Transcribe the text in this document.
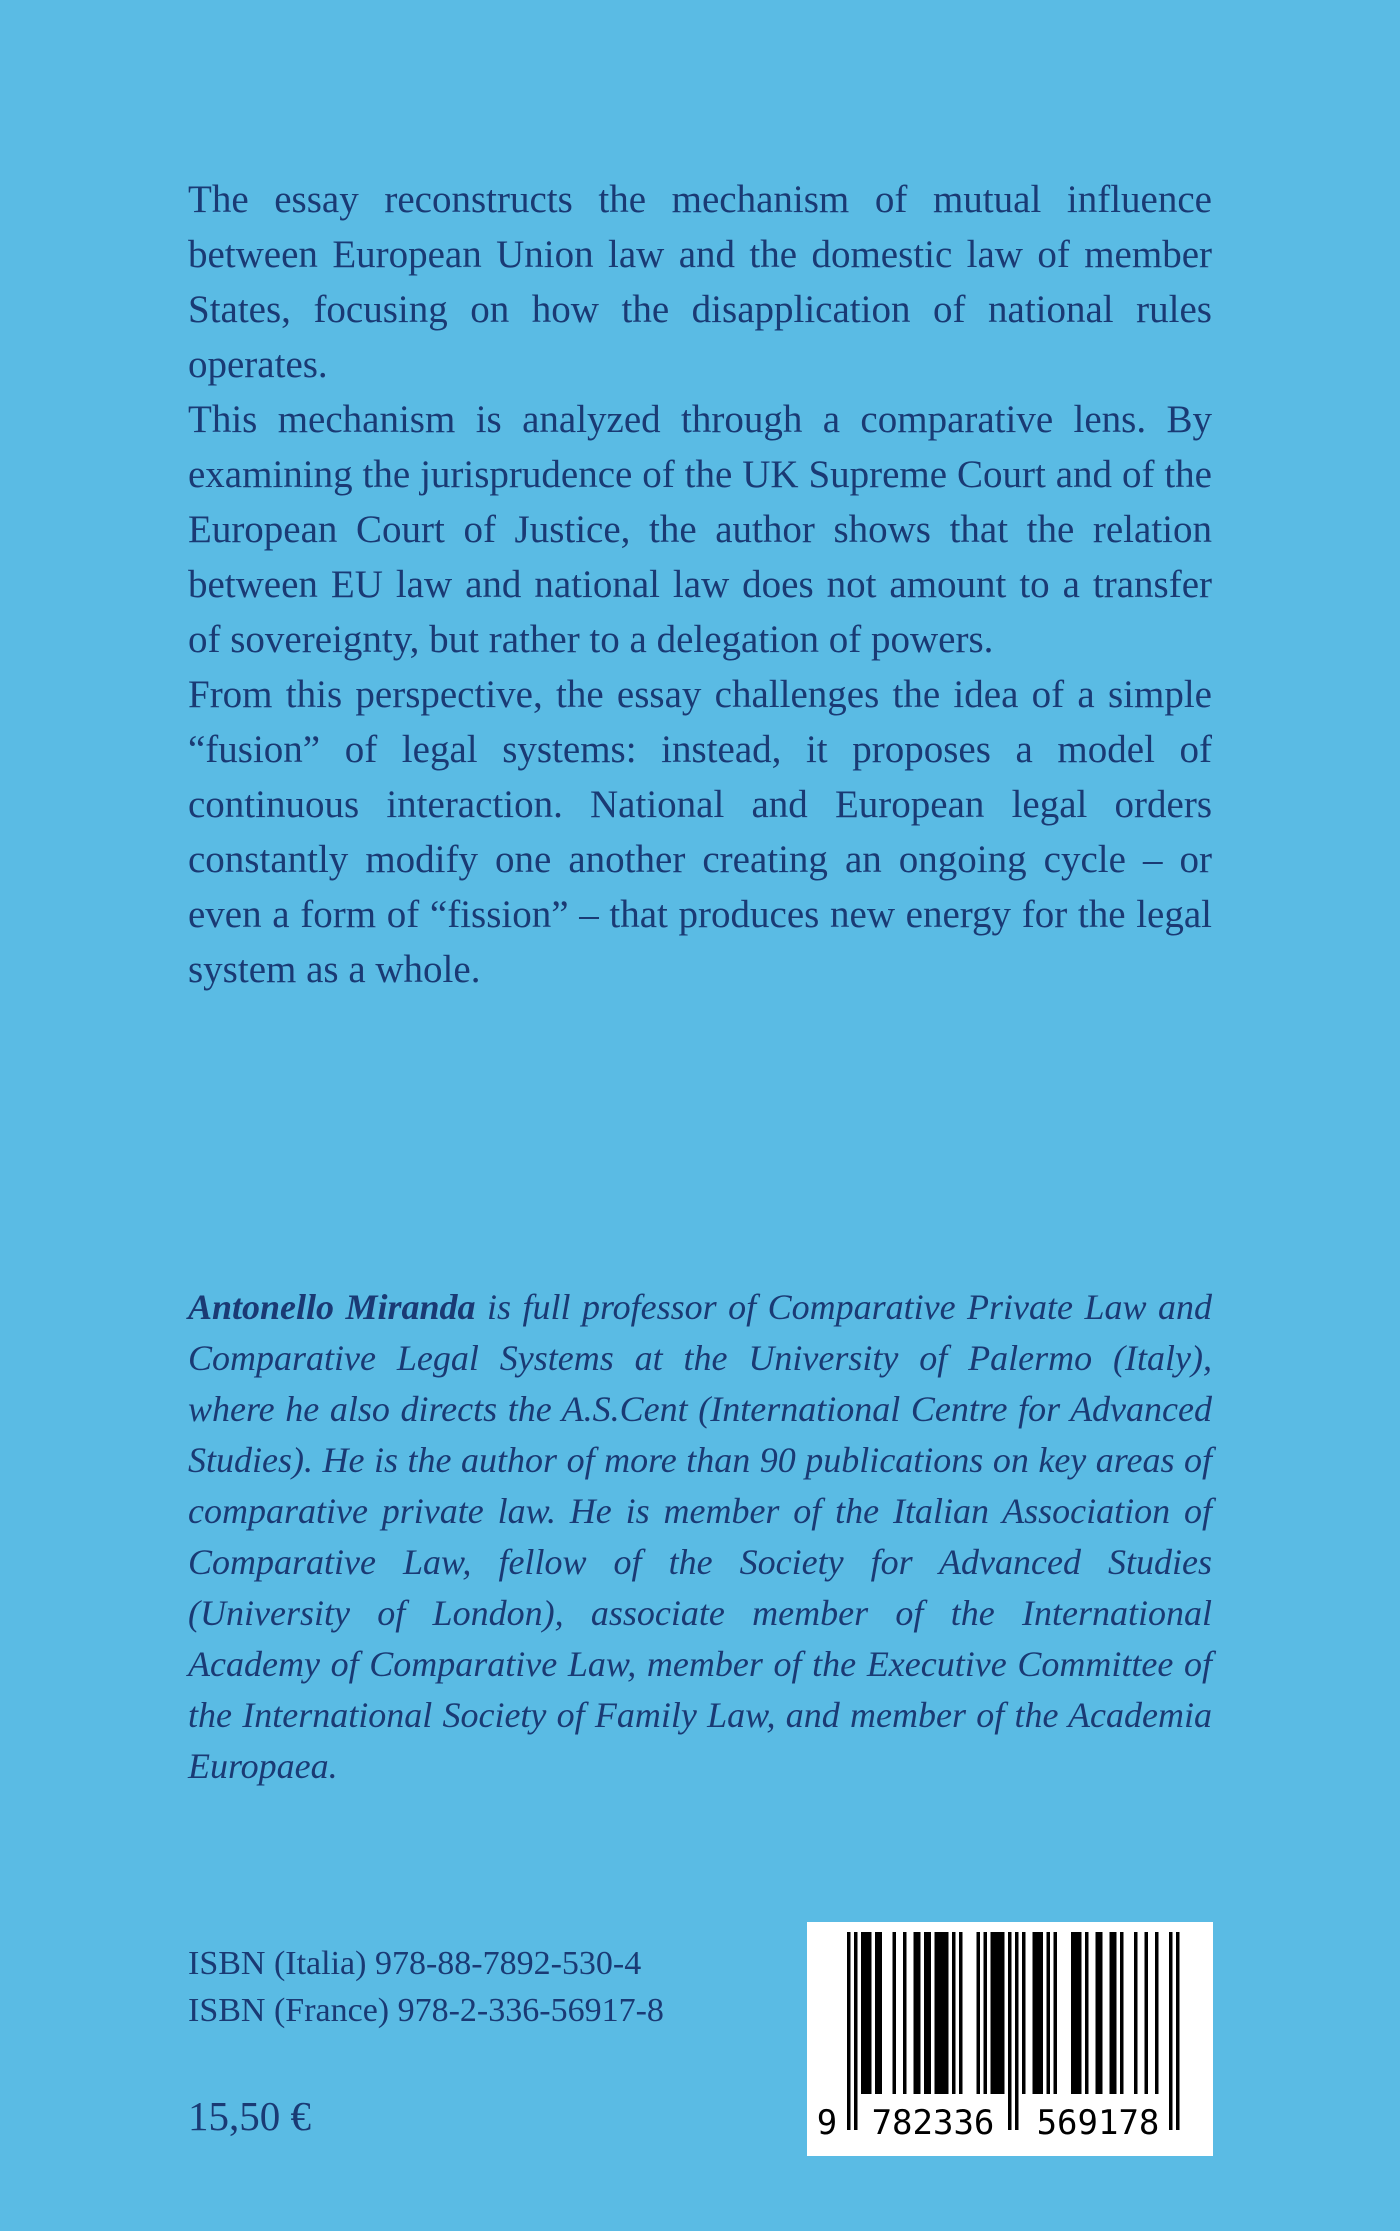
The essay reconstructs the mechanism of mutual influence between European Union law and the domestic law of member States, focusing on how the disapplication of national rules operates.

This mechanism is analyzed through a comparative lens. By examining the jurisprudence of the UK Supreme Court and of the European Court of Justice, the author shows that the relation between EU law and national law does not amount to a transfer of sovereignty, but rather to a delegation of powers.

From this perspective, the essay challenges the idea of a simple “fusion” of legal systems: instead, it proposes a model of continuous interaction. National and European legal orders constantly modify one another creating an ongoing cycle – or even a form of “fission” – that produces new energy for the legal system as a whole.

Antonello Miranda is full professor of Comparative Private Law and Comparative Legal Systems at the University of Palermo (Italy), where he also directs the A.S.Cent (International Centre for Advanced Studies). He is the author of more than 90 publications on key areas of comparative private law. He is member of the Italian Association of Comparative Law, fellow of the Society for Advanced Studies (University of London), associate member of the International Academy of Comparative Law, member of the Executive Committee of the International Society of Family Law, and member of the Academia Europaea.
ISBN (Italia) 978-88-7892-530-4
ISBN (France) 978-2-336-56917-8
15,50 €	9 782336 569178
